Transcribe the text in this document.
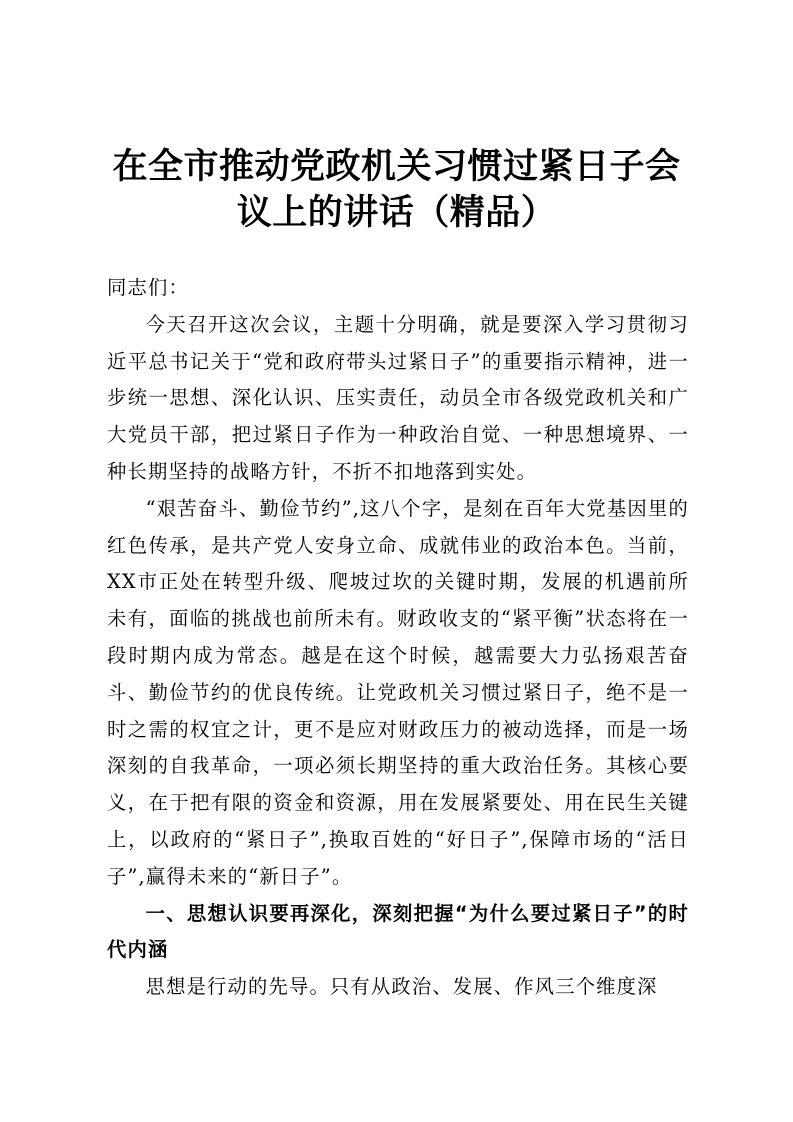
在全市推动党政机关习惯过紧日子会
议上的讲话（精品）

同志们：

今天召开这次会议，主题十分明确，就是要深入学习贯彻习近平总书记关于“党和政府带头过紧日子”的重要指示精神，进一步统一思想、深化认识、压实责任，动员全市各级党政机关和广大党员干部，把过紧日子作为一种政治自觉、一种思想境界、一种长期坚持的战略方针，不折不扣地落到实处。

“艰苦奋斗、勤俭节约”,这八个字，是刻在百年大党基因里的红色传承，是共产党人安身立命、成就伟业的政治本色。当前，XX市正处在转型升级、爬坡过坎的关键时期，发展的机遇前所未有，面临的挑战也前所未有。财政收支的“紧平衡”状态将在一段时期内成为常态。越是在这个时候，越需要大力弘扬艰苦奋斗、勤俭节约的优良传统。让党政机关习惯过紧日子，绝不是一时之需的权宜之计，更不是应对财政压力的被动选择，而是一场深刻的自我革命，一项必须长期坚持的重大政治任务。其核心要义，在于把有限的资金和资源，用在发展紧要处、用在民生关键上，以政府的“紧日子”,换取百姓的“好日子”,保障市场的“活日子”,赢得未来的“新日子”。

一、思想认识要再深化，深刻把握“为什么要过紧日子”的时代内涵

思想是行动的先导。只有从政治、发展、作风三个维度深
